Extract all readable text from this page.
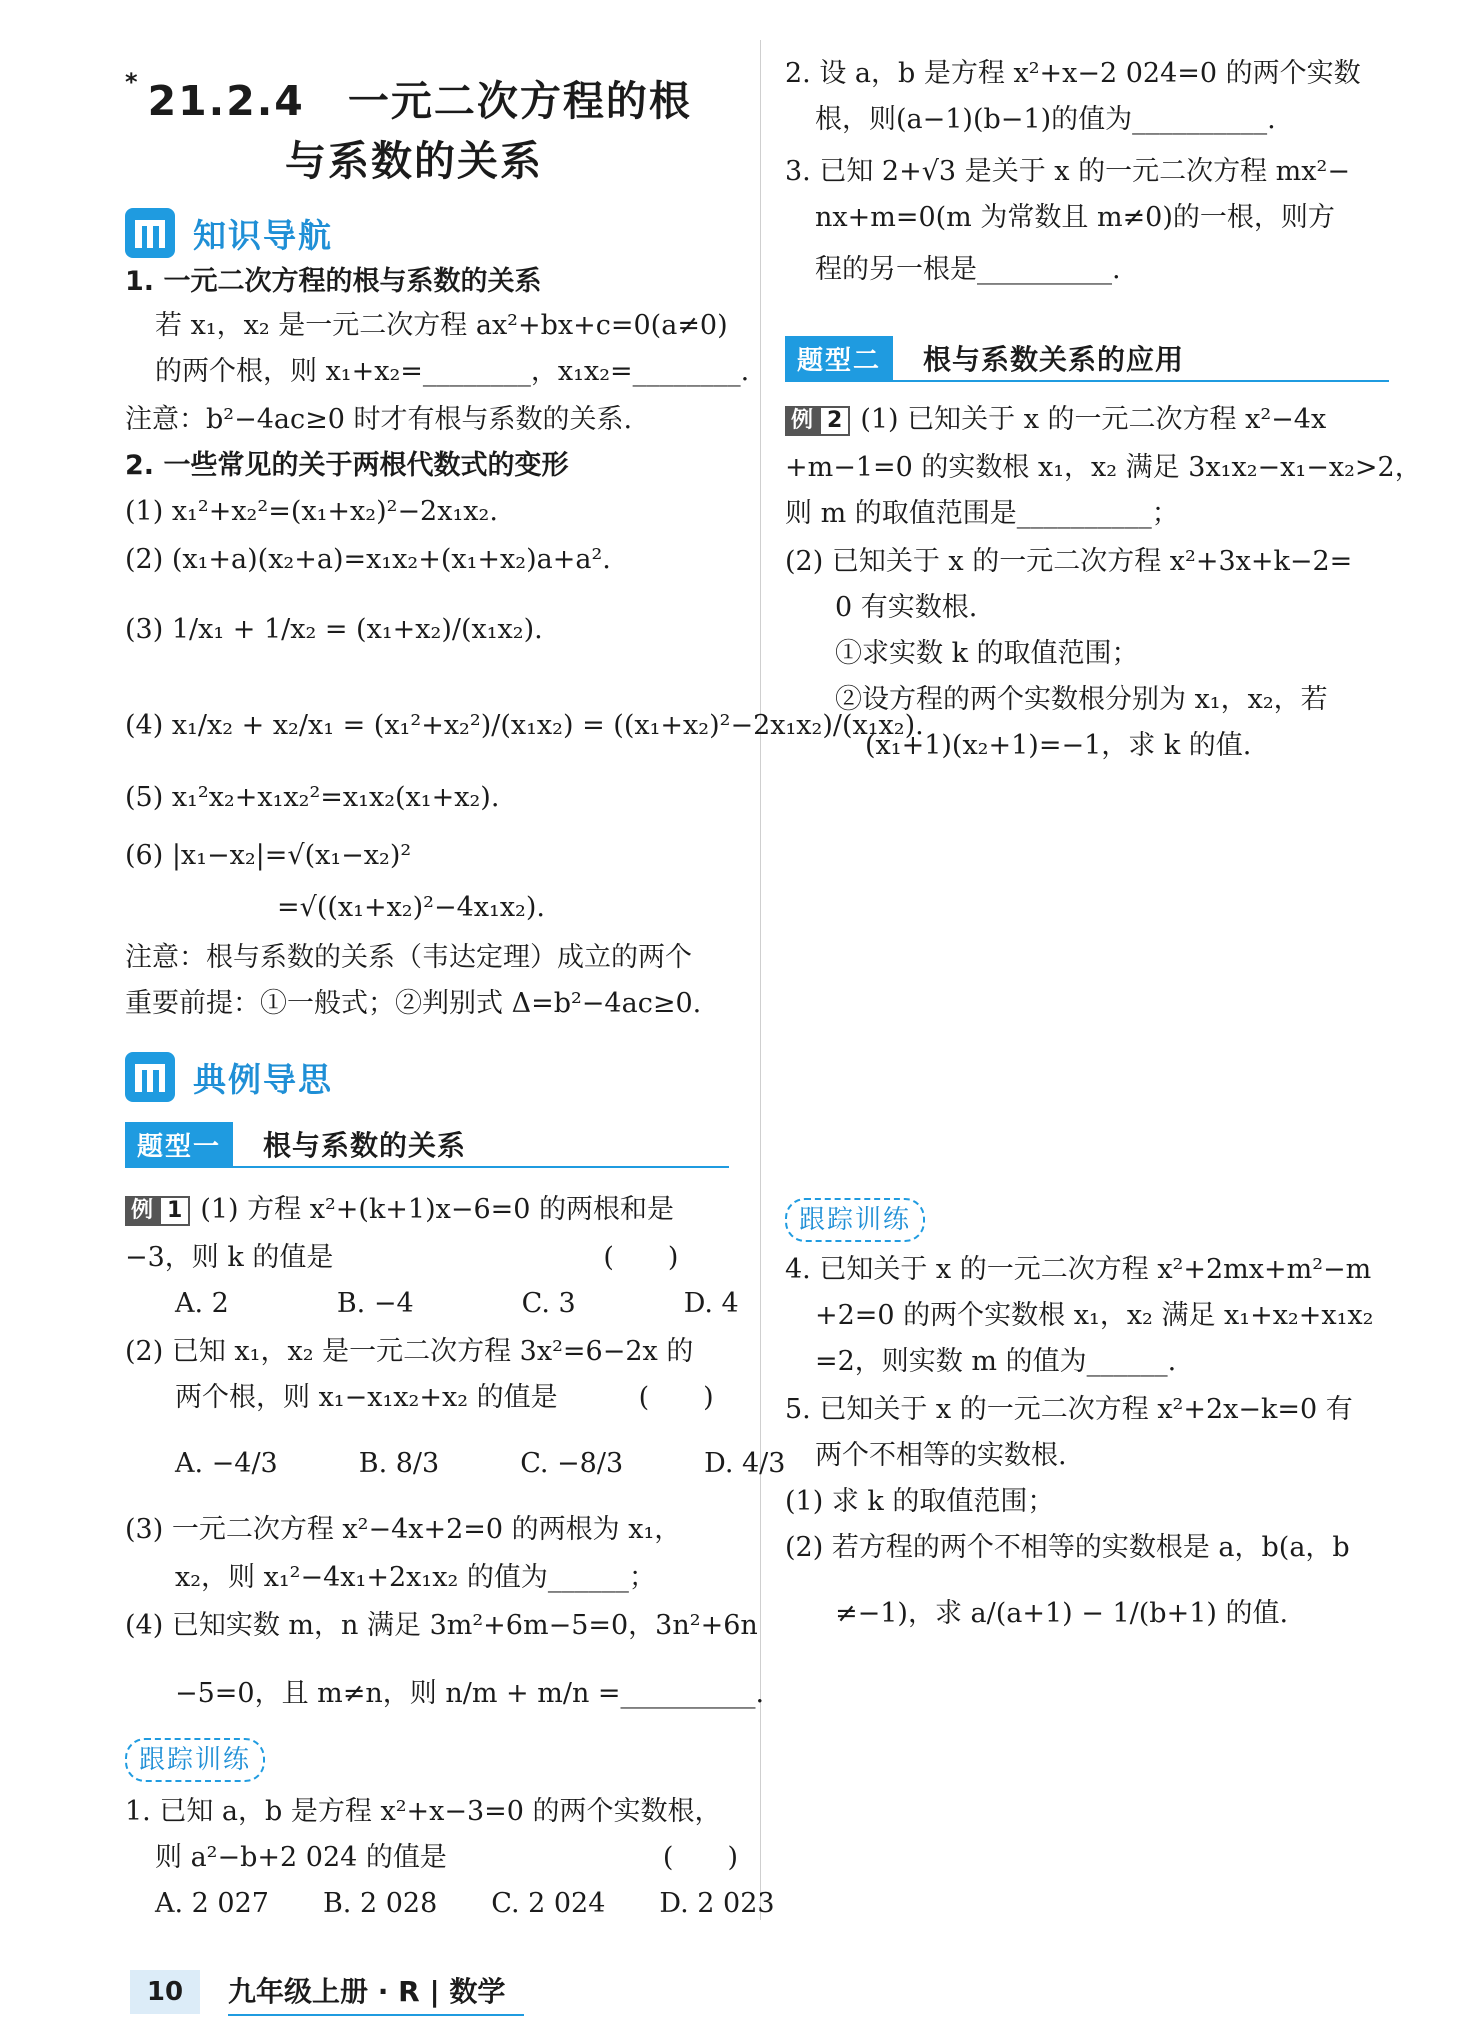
* 21.2.4　一元二次方程的根
与系数的关系
知识导航
1. 一元二次方程的根与系数的关系
若 x₁，x₂ 是一元二次方程 ax²+bx+c=0(a≠0)
的两个根，则 x₁+x₂=________，x₁x₂=________.
注意：b²−4ac≥0 时才有根与系数的关系.
2. 一些常见的关于两根代数式的变形
(1) x₁²+x₂²=(x₁+x₂)²−2x₁x₂.
(2) (x₁+a)(x₂+a)=x₁x₂+(x₁+x₂)a+a².
(3) 1/x₁ + 1/x₂ = (x₁+x₂)/(x₁x₂).
(4) x₁/x₂ + x₂/x₁ = (x₁²+x₂²)/(x₁x₂) = ((x₁+x₂)²−2x₁x₂)/(x₁x₂).
(5) x₁²x₂+x₁x₂²=x₁x₂(x₁+x₂).
(6) |x₁−x₂|=√(x₁−x₂)²
=√((x₁+x₂)²−4x₁x₂).
注意：根与系数的关系（韦达定理）成立的两个
重要前提：①一般式；②判别式 Δ=b²−4ac≥0.
典例导思
题型一	根与系数的关系
例 1 (1) 方程 x²+(k+1)x−6=0 的两根和是
−3，则 k 的值是　　　　　　　　　　(　　)
A. 2　　　　B. −4　　　　C. 3　　　　D. 4
(2) 已知 x₁，x₂ 是一元二次方程 3x²=6−2x 的
两个根，则 x₁−x₁x₂+x₂ 的值是　　　(　　)
A. −4/3　　　B. 8/3　　　C. −8/3　　　D. 4/3
(3) 一元二次方程 x²−4x+2=0 的两根为 x₁，
x₂，则 x₁²−4x₁+2x₁x₂ 的值为______；
(4) 已知实数 m，n 满足 3m²+6m−5=0，3n²+6n
−5=0，且 m≠n，则 n/m + m/n =__________.
跟踪训练
1. 已知 a，b 是方程 x²+x−3=0 的两个实数根，
则 a²−b+2 024 的值是　　　　　　　　(　　)
A. 2 027　　B. 2 028　　C. 2 024　　D. 2 023
2. 设 a，b 是方程 x²+x−2 024=0 的两个实数
根，则(a−1)(b−1)的值为__________.
3. 已知 2+√3 是关于 x 的一元二次方程 mx²−
nx+m=0(m 为常数且 m≠0)的一根，则方
程的另一根是__________.
题型二	根与系数关系的应用
例 2 (1) 已知关于 x 的一元二次方程 x²−4x
+m−1=0 的实数根 x₁，x₂ 满足 3x₁x₂−x₁−x₂>2，
则 m 的取值范围是__________；
(2) 已知关于 x 的一元二次方程 x²+3x+k−2=
0 有实数根.
①求实数 k 的取值范围；
②设方程的两个实数根分别为 x₁，x₂，若
(x₁+1)(x₂+1)=−1，求 k 的值.
跟踪训练
4. 已知关于 x 的一元二次方程 x²+2mx+m²−m
+2=0 的两个实数根 x₁，x₂ 满足 x₁+x₂+x₁x₂
=2，则实数 m 的值为______.
5. 已知关于 x 的一元二次方程 x²+2x−k=0 有
两个不相等的实数根.
(1) 求 k 的取值范围；
(2) 若方程的两个不相等的实数根是 a，b(a，b
≠−1)，求 a/(a+1) − 1/(b+1) 的值.
10	九年级上册 · R | 数学
